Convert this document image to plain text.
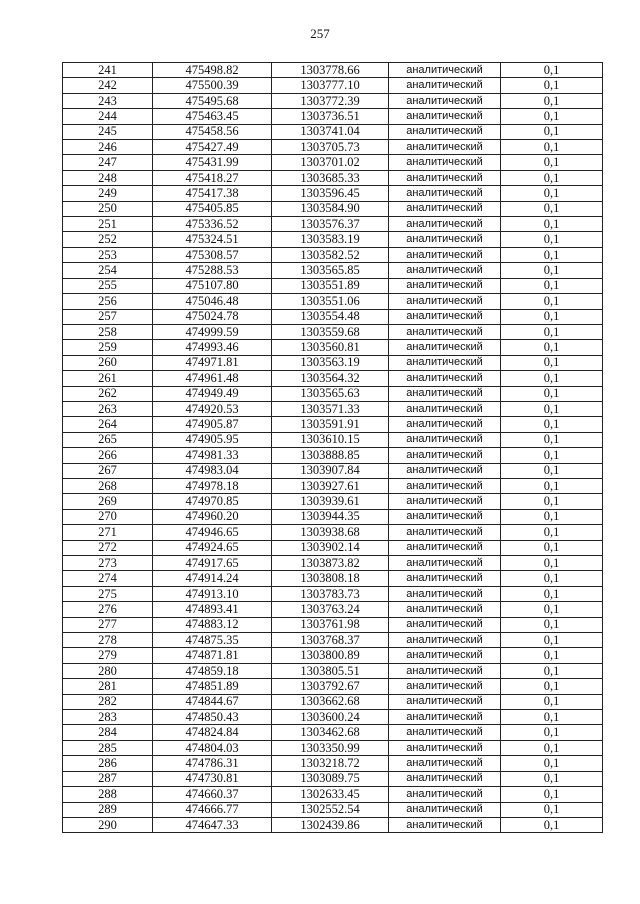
257
241	475498.82	1303778.66	аналитический	0,1
242	475500.39	1303777.10	аналитический	0,1
243	475495.68	1303772.39	аналитический	0,1
244	475463.45	1303736.51	аналитический	0,1
245	475458.56	1303741.04	аналитический	0,1
246	475427.49	1303705.73	аналитический	0,1
247	475431.99	1303701.02	аналитический	0,1
248	475418.27	1303685.33	аналитический	0,1
249	475417.38	1303596.45	аналитический	0,1
250	475405.85	1303584.90	аналитический	0,1
251	475336.52	1303576.37	аналитический	0,1
252	475324.51	1303583.19	аналитический	0,1
253	475308.57	1303582.52	аналитический	0,1
254	475288.53	1303565.85	аналитический	0,1
255	475107.80	1303551.89	аналитический	0,1
256	475046.48	1303551.06	аналитический	0,1
257	475024.78	1303554.48	аналитический	0,1
258	474999.59	1303559.68	аналитический	0,1
259	474993.46	1303560.81	аналитический	0,1
260	474971.81	1303563.19	аналитический	0,1
261	474961.48	1303564.32	аналитический	0,1
262	474949.49	1303565.63	аналитический	0,1
263	474920.53	1303571.33	аналитический	0,1
264	474905.87	1303591.91	аналитический	0,1
265	474905.95	1303610.15	аналитический	0,1
266	474981.33	1303888.85	аналитический	0,1
267	474983.04	1303907.84	аналитический	0,1
268	474978.18	1303927.61	аналитический	0,1
269	474970.85	1303939.61	аналитический	0,1
270	474960.20	1303944.35	аналитический	0,1
271	474946.65	1303938.68	аналитический	0,1
272	474924.65	1303902.14	аналитический	0,1
273	474917.65	1303873.82	аналитический	0,1
274	474914.24	1303808.18	аналитический	0,1
275	474913.10	1303783.73	аналитический	0,1
276	474893.41	1303763.24	аналитический	0,1
277	474883.12	1303761.98	аналитический	0,1
278	474875.35	1303768.37	аналитический	0,1
279	474871.81	1303800.89	аналитический	0,1
280	474859.18	1303805.51	аналитический	0,1
281	474851.89	1303792.67	аналитический	0,1
282	474844.67	1303662.68	аналитический	0,1
283	474850.43	1303600.24	аналитический	0,1
284	474824.84	1303462.68	аналитический	0,1
285	474804.03	1303350.99	аналитический	0,1
286	474786.31	1303218.72	аналитический	0,1
287	474730.81	1303089.75	аналитический	0,1
288	474660.37	1302633.45	аналитический	0,1
289	474666.77	1302552.54	аналитический	0,1
290	474647.33	1302439.86	аналитический	0,1
